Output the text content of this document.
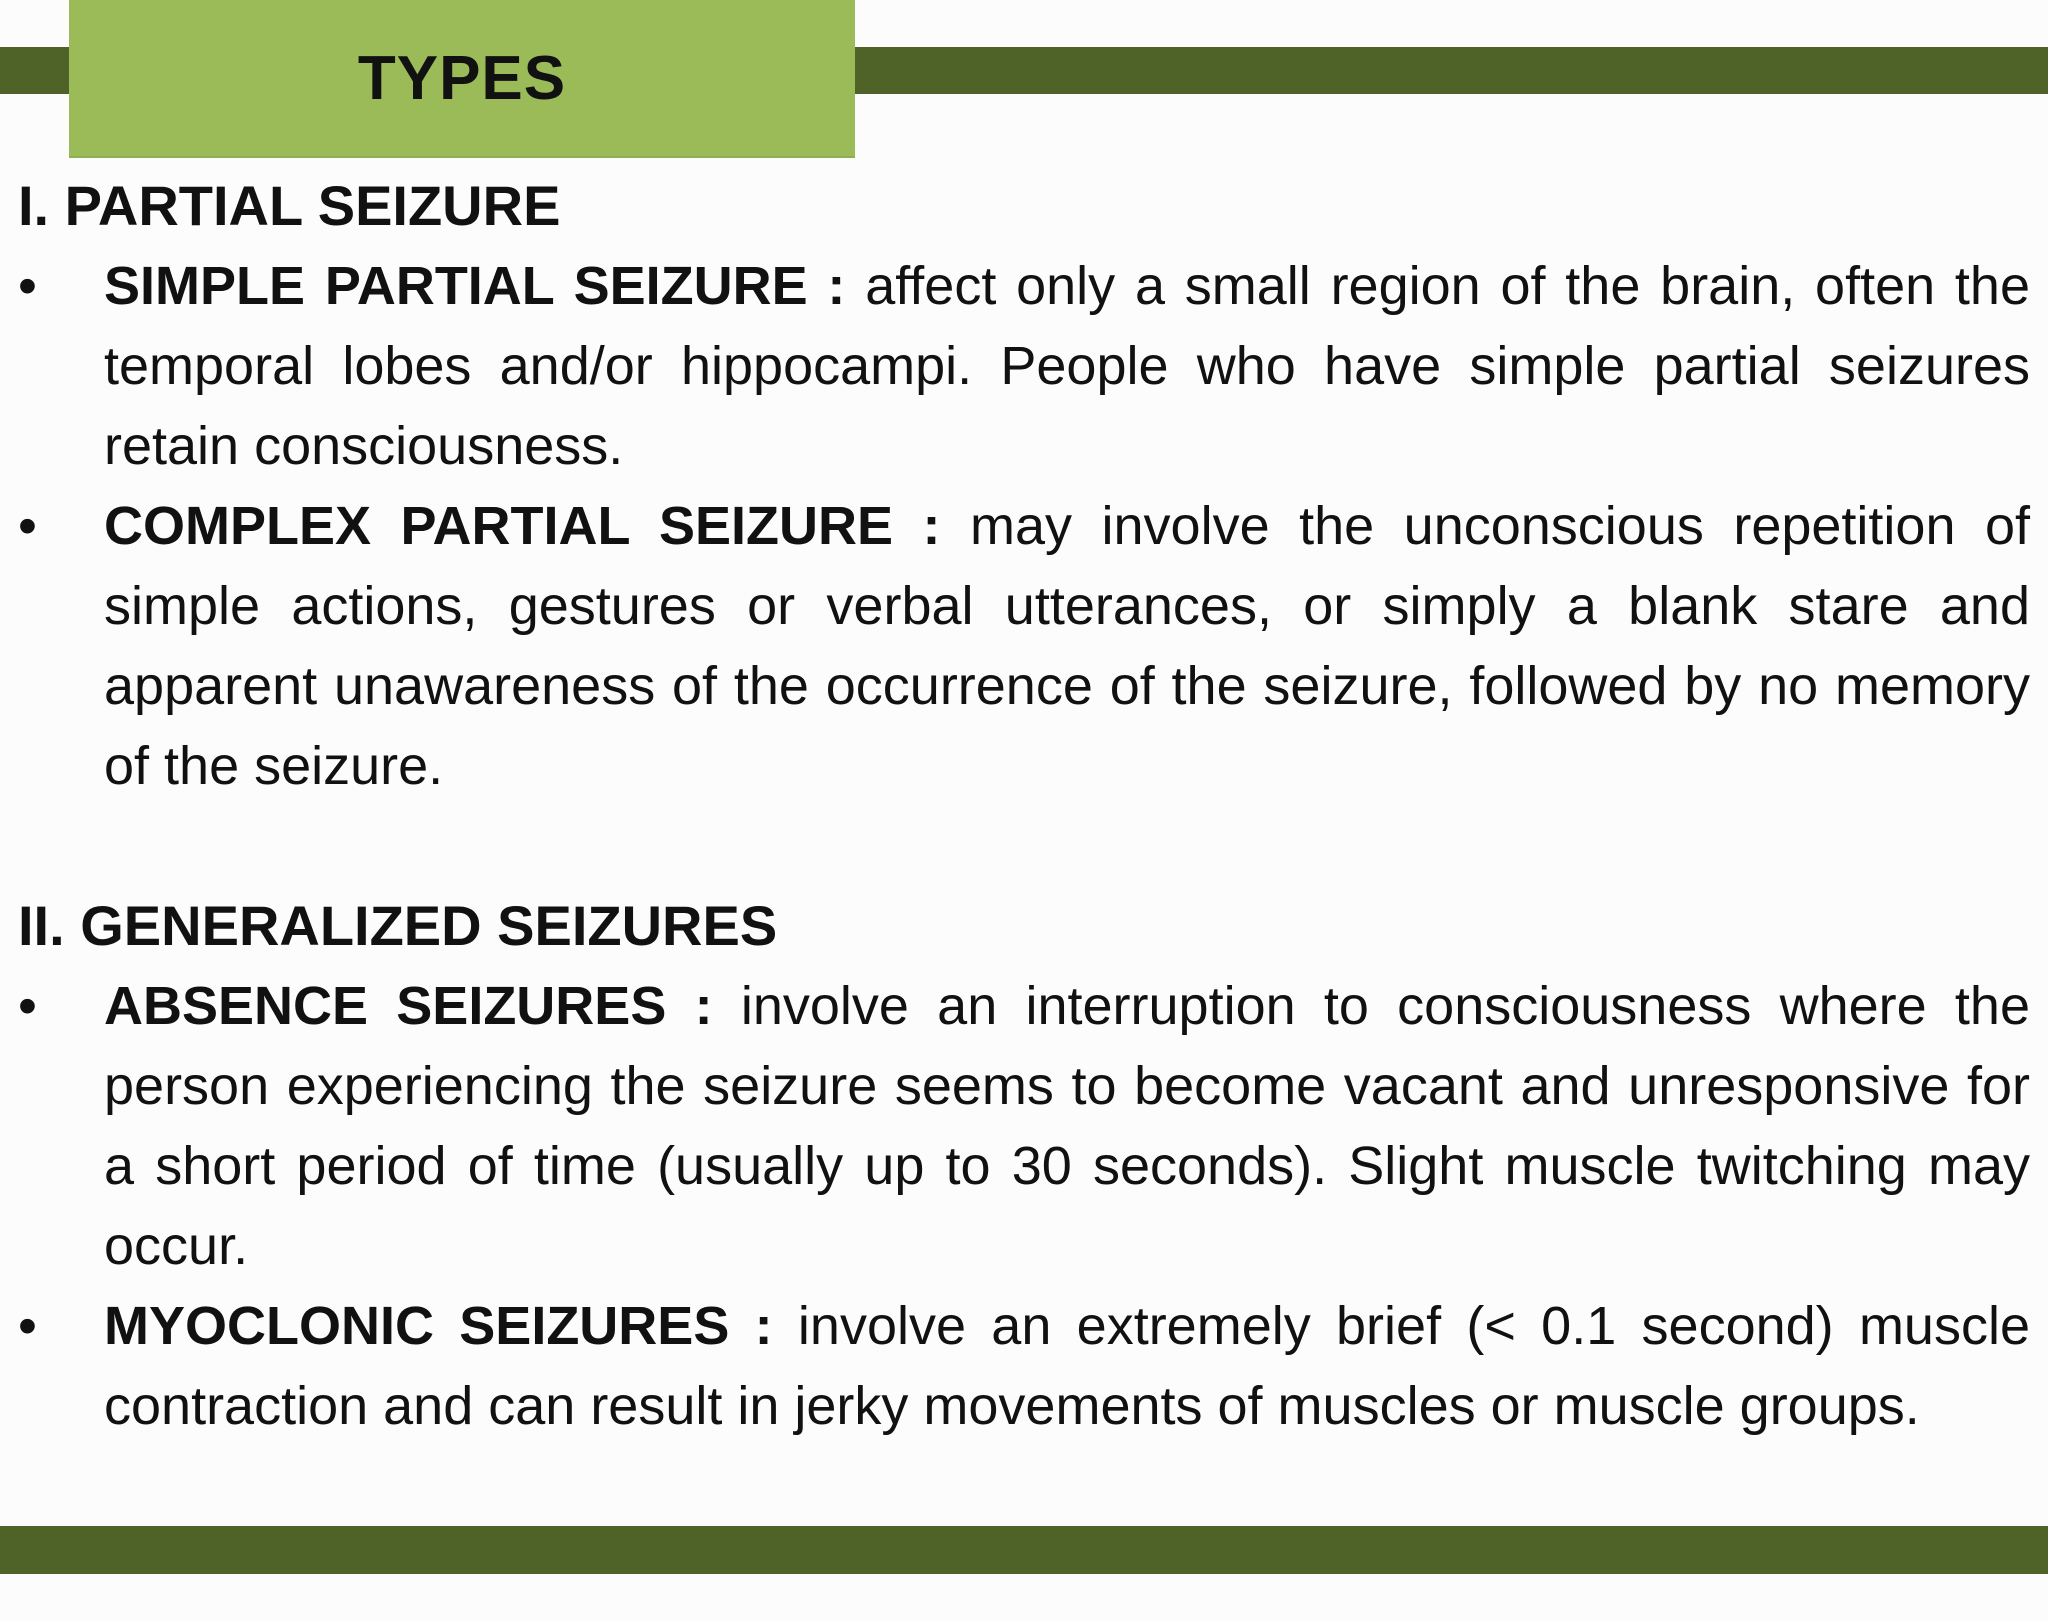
TYPES
I. PARTIAL SEIZURE
• SIMPLE PARTIAL SEIZURE : affect only a small region of the brain, often the temporal lobes and/or hippocampi. People who have simple partial seizures retain consciousness.
• COMPLEX PARTIAL SEIZURE : may involve the unconscious repetition of simple actions, gestures or verbal utterances, or simply a blank stare and apparent unawareness of the occurrence of the seizure, followed by no memory of the seizure.
II. GENERALIZED SEIZURES
• ABSENCE SEIZURES : involve an interruption to consciousness where the person experiencing the seizure seems to become vacant and unresponsive for a short period of time (usually up to 30 seconds). Slight muscle twitching may occur.
• MYOCLONIC SEIZURES : involve an extremely brief (< 0.1 second) muscle contraction and can result in jerky movements of muscles or muscle groups.
